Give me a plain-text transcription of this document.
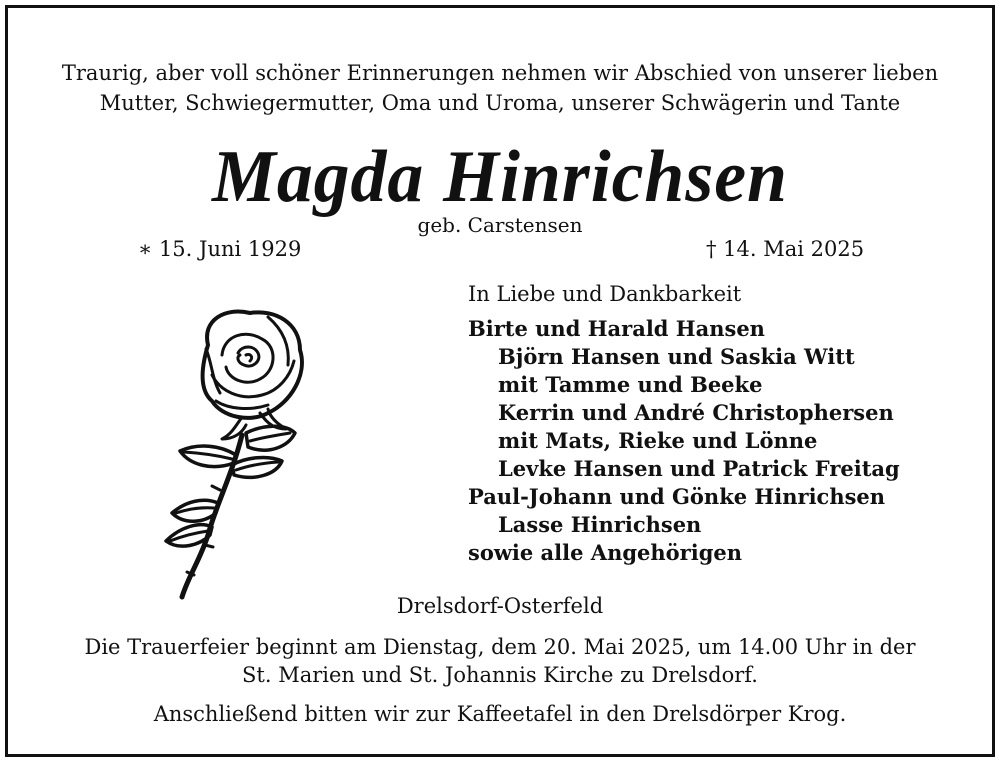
Traurig, aber voll schöner Erinnerungen nehmen wir Abschied von unserer lieben
Mutter, Schwiegermutter, Oma und Uroma, unserer Schwägerin und Tante
Magda Hinrichsen
geb. Carstensen
∗ 15. Juni 1929	† 14. Mai 2025
In Liebe und Dankbarkeit
Birte und Harald Hansen
Björn Hansen und Saskia Witt
mit Tamme und Beeke
Kerrin und André Christophersen
mit Mats, Rieke und Lönne
Levke Hansen und Patrick Freitag
Paul-Johann und Gönke Hinrichsen
Lasse Hinrichsen
sowie alle Angehörigen
Drelsdorf-Osterfeld
Die Trauerfeier beginnt am Dienstag, dem 20. Mai 2025, um 14.00 Uhr in der
St. Marien und St. Johannis Kirche zu Drelsdorf.
Anschließend bitten wir zur Kaffeetafel in den Drelsdörper Krog.
